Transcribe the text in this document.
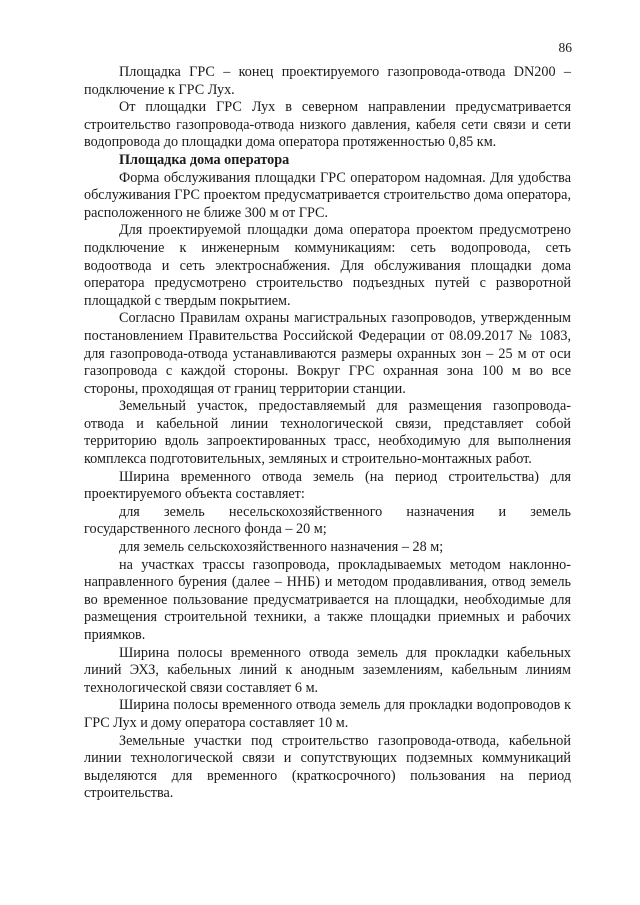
86

Площадка ГРС – конец проектируемого газопровода-отвода DN200 – подключение к ГРС Лух.

От площадки ГРС Лух в северном направлении предусматривается строительство газопровода-отвода низкого давления, кабеля сети связи и сети водопровода до площадки дома оператора протяженностью 0,85 км.

Площадка дома оператора

Форма обслуживания площадки ГРС оператором надомная. Для удобства обслуживания ГРС проектом предусматривается строительство дома оператора, расположенного не ближе 300 м от ГРС.

Для проектируемой площадки дома оператора проектом предусмотрено подключение к инженерным коммуникациям: сеть водопровода, сеть водоотвода и сеть электроснабжения. Для обслуживания площадки дома оператора предусмотрено строительство подъездных путей с разворотной площадкой с твердым покрытием.

Согласно Правилам охраны магистральных газопроводов, утвержденным постановлением Правительства Российской Федерации от 08.09.2017 № 1083, для газопровода-отвода устанавливаются размеры охранных зон – 25 м от оси газопровода с каждой стороны. Вокруг ГРС охранная зона 100 м во все стороны, проходящая от границ территории станции.

Земельный участок, предоставляемый для размещения газопровода-отвода и кабельной линии технологической связи, представляет собой территорию вдоль запроектированных трасс, необходимую для выполнения комплекса подготовительных, земляных и строительно-монтажных работ.

Ширина временного отвода земель (на период строительства) для проектируемого объекта составляет:

для земель несельскохозяйственного назначения и земель государственного лесного фонда – 20 м;

для земель сельскохозяйственного назначения – 28 м;

на участках трассы газопровода, прокладываемых методом наклонно-направленного бурения (далее – ННБ) и методом продавливания, отвод земель во временное пользование предусматривается на площадки, необходимые для размещения строительной техники, а также площадки приемных и рабочих приямков.

Ширина полосы временного отвода земель для прокладки кабельных линий ЭХЗ, кабельных линий к анодным заземлениям, кабельным линиям технологической связи составляет 6 м.

Ширина полосы временного отвода земель для прокладки водопроводов к ГРС Лух и дому оператора составляет 10 м.

Земельные участки под строительство газопровода-отвода, кабельной линии технологической связи и сопутствующих подземных коммуникаций выделяются для временного (краткосрочного) пользования на период строительства.
